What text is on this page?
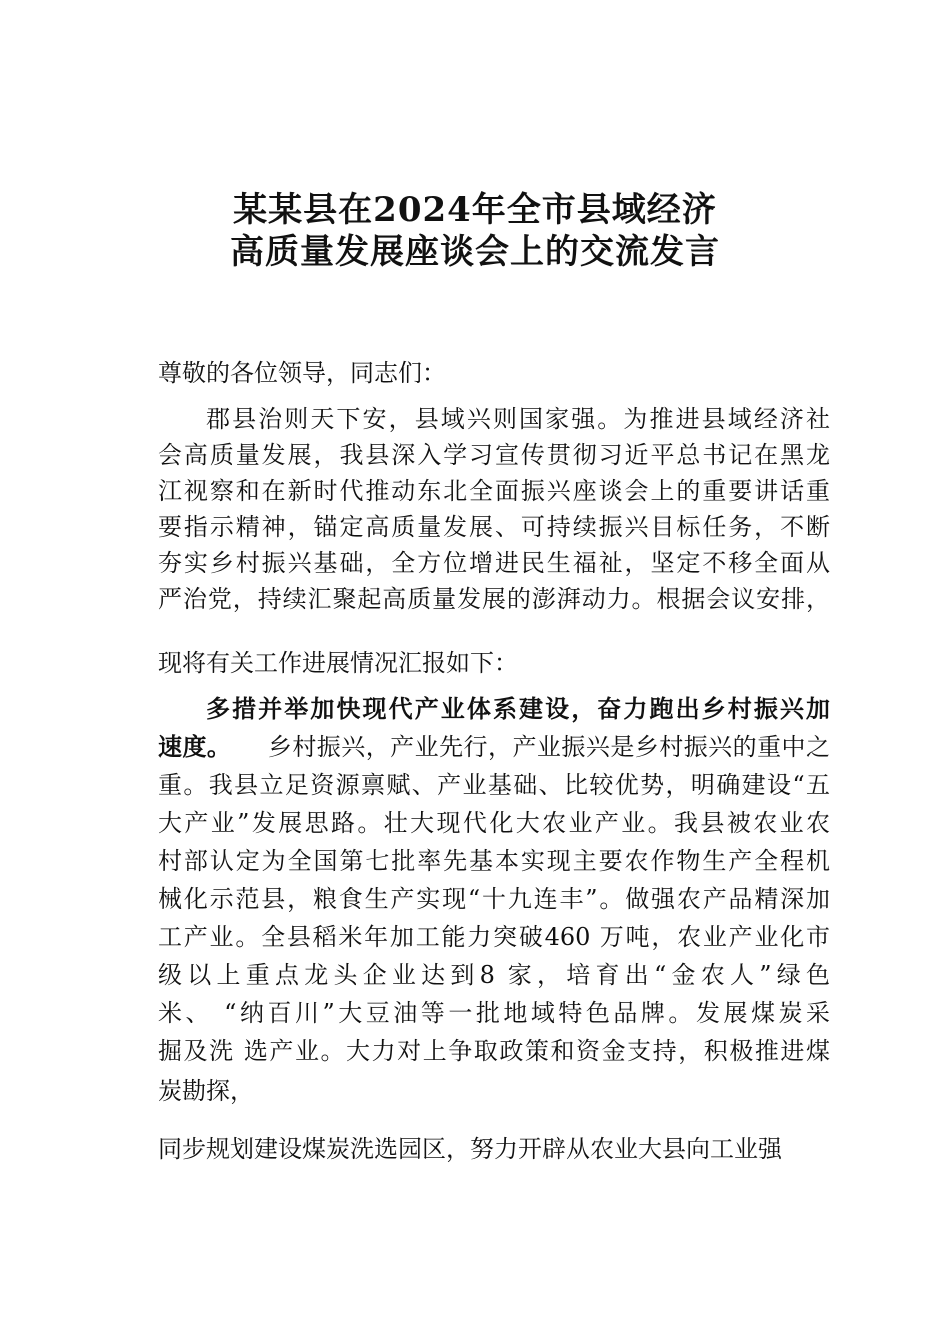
某某县在2024年全市县域经济
高质量发展座谈会上的交流发言
尊敬的各位领导，同志们：
郡县治则天下安，县域兴则国家强。为推进县域经济社
会高质量发展，我县深入学习宣传贯彻习近平总书记在黑龙
江视察和在新时代推动东北全面振兴座谈会上的重要讲话重
要指示精神，锚定高质量发展、可持续振兴目标任务，不断
夯实乡村振兴基础，全方位增进民生福祉，坚定不移全面从
严治党，持续汇聚起高质量发展的澎湃动力。根据会议安排，
现将有关工作进展情况汇报如下：
多措并举加快现代产业体系建设，奋力跑出乡村振兴加
速度。 乡村振兴，产业先行，产业振兴是乡村振兴的重中之
重。我县立足资源禀赋、产业基础、比较优势，明确建设“五
大产业”发展思路。壮大现代化大农业产业。我县被农业农
村部认定为全国第七批率先基本实现主要农作物生产全程机
械化示范县，粮食生产实现“十九连丰”。做强农产品精深加
工产业。全县稻米年加工能力突破460 万吨，农业产业化市
级以上重点龙头企业达到8 家，培育出“金农人”绿色
米、 “纳百川”大豆油等一批地域特色品牌。发展煤炭采
掘及洗 选产业。大力对上争取政策和资金支持，积极推进煤
炭勘探，
同步规划建设煤炭洗选园区，努力开辟从农业大县向工业强
